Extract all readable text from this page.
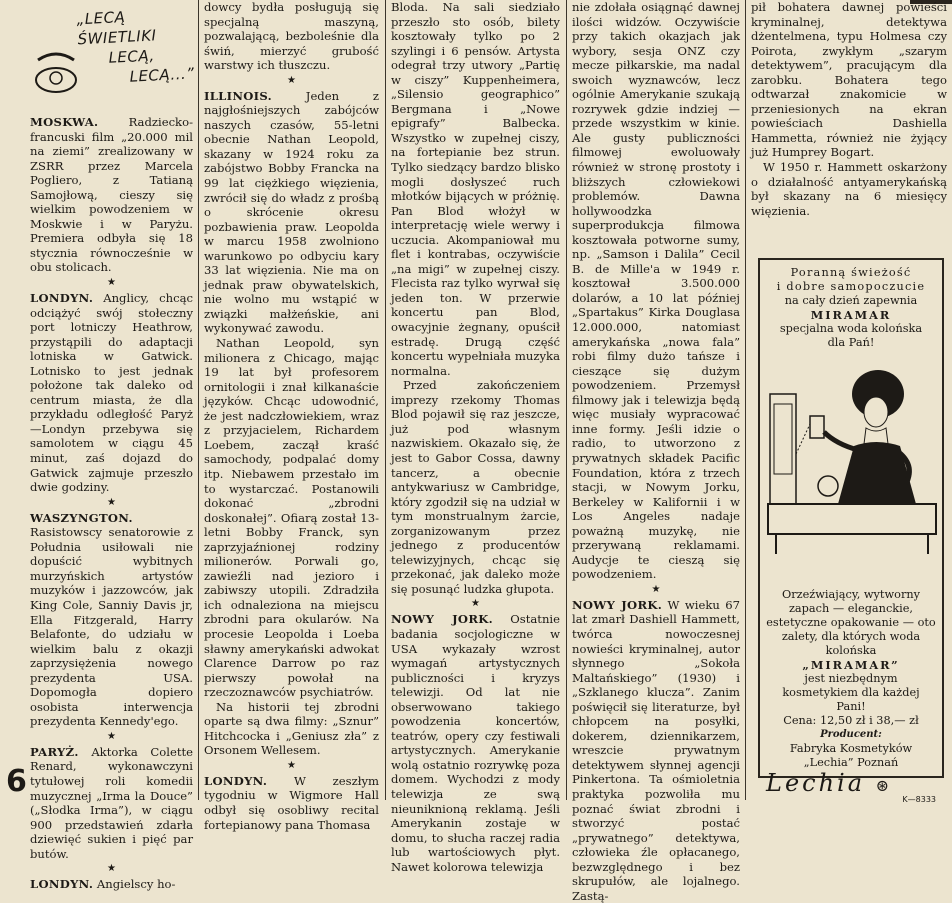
„LECĄ ŚWIETLIKI
LECĄ,
LECĄ...”

MOSKWA.	Radziecko-francuski film „20.000 mil na ziemi” zrealizowany w ZSRR przez Marcela Pogliero, z Tatianą Samojłową, cieszy się wielkim powodzeniem w Moskwie i w Paryżu. Premiera odbyła się 18 stycznia równocześnie w obu stolicach.

★

LONDYN. Anglicy, chcąc odciążyć swój stołeczny port lotniczy Heathrow, przystąpili do adaptacji lotniska w Gatwick. Lotnisko to jest jednak położone tak daleko od centrum miasta, że dla przykładu odległość Paryż—Londyn przebywa się samolotem w ciągu 45 minut, zaś dojazd do Gatwick zajmuje przeszło dwie godziny.

★

WASZYNGTON. Rasistowscy senatorowie z Południa usiłowali nie dopuścić wybitnych murzyńskich artystów muzyków i jazzowców, jak King Cole, Sanniy Davis jr, Ella Fitzgerald, Harry Belafonte, do udziału w wielkim balu z okazji zaprzysiężenia nowego prezydenta USA. Dopomogła dopiero osobista interwencja prezydenta Kennedy'ego.

★

PARYŻ. Aktorka Colette Renard, wykonawczyni tytułowej roli komedii muzycznej „Irma la Douce” („Słodka Irma”), w ciągu 900 przedstawień zdarła dziewięć sukien i pięć par butów.

★

LONDYN. Angielscy ho-

dowcy bydła posługują się specjalną maszyną, pozwalającą, bezboleśnie dla świń, mierzyć grubość warstwy ich tłuszczu.

★

ILLINOIS.	Jeden z najgłośniejszych zabójców naszych czasów, 55-letni obecnie Nathan Leopold, skazany w 1924 roku za zabójstwo Bobby Francka na 99 lat ciężkiego więzienia, zwrócił się do władz z prośbą o skrócenie okresu pozbawienia praw. Leopolda w marcu 1958 zwolniono warunkowo po odbyciu kary 33 lat więzienia. Nie ma on jednak praw obywatelskich, nie wolno mu wstąpić w związki małżeńskie, ani wykonywać zawodu.

Nathan Leopold, syn milionera z Chicago, mając 19 lat był profesorem ornitologii i znał kilkanaście języków. Chcąc udowodnić, że jest nadczłowiekiem, wraz z przyjacielem, Richardem Loebem, zaczął kraść samochody, podpalać domy itp. Niebawem przestało im to wystarczać. Postanowili dokonać „zbrodni doskonałej”. Ofiarą został 13-letni Bobby Franck, syn zaprzyjaźnionej rodziny milionerów. Porwali go, zawieźli nad jezioro i zabiwszy utopili. Zdradziła ich odnaleziona na miejscu zbrodni para okularów. Na procesie Leopolda i Loeba sławny amerykański adwokat Clarence Darrow po raz pierwszy powołał na rzeczoznawców psychiatrów.

Na historii tej zbrodni oparte są dwa filmy: „Sznur” Hitchcocka i „Geniusz zła” z Orsonem Wellesem.

★

LONDYN. W zeszłym tygodniu w Wigmore Hall odbył się osobliwy recital fortepianowy pana Thomasa

Bloda. Na sali siedziało przeszło sto osób, bilety kosztowały tylko po 2 szylingi i 6 pensów. Artysta odegrał trzy utwory „Partię w ciszy” Kuppenheimera, „Silensio geographico” Bergmana i „Nowe epigrafy” Balbecka. Wszystko w zupełnej ciszy, na fortepianie bez strun. Tylko siedzący bardzo blisko mogli dosłyszeć ruch młotków bijących w próżnię. Pan Blod włożył w interpretację wiele werwy i uczucia. Akompaniował mu flet i kontrabas, oczywiście „na migi” w zupełnej ciszy. Flecista raz tylko wyrwał się jeden ton. W przerwie koncertu pan Blod, owacyjnie żegnany, opuścił estradę. Drugą część koncertu wypełniała muzyka normalna.

Przed zakończeniem imprezy rzekomy Thomas Blod pojawił się raz jeszcze, już pod własnym nazwiskiem. Okazało się, że jest to Gabor Cossa, dawny tancerz, a obecnie antykwariusz w Cambridge, który zgodził się na udział w tym monstrualnym żarcie, zorganizowanym przez jednego z producentów telewizyjnych, chcąc się przekonać, jak daleko może się posunąć ludzka głupota.

★

NOWY JORK. Ostatnie badania socjologiczne w USA wykazały wzrost wymagań artystycznych publiczności i kryzys telewizji. Od lat nie obserwowano takiego powodzenia koncertów, teatrów, opery czy festiwali artystycznych. Amerykanie wolą ostatnio rozrywkę poza domem. Wychodzi z mody telewizja ze swą nieuniknioną reklamą. Jeśli Amerykanin zostaje w domu, to słucha raczej radia lub wartościowych płyt. Nawet kolorowa telewizja

nie zdołała osiągnąć dawnej ilości widzów. Oczywiście przy takich okazjach jak wybory, sesja ONZ czy mecze piłkarskie, ma nadal swoich wyznawców, lecz ogólnie Amerykanie szukają rozrywek gdzie indziej — przede wszystkim w kinie. Ale gusty publiczności filmowej ewoluowały również w stronę prostoty i bliższych człowiekowi problemów. Dawna hollywoodzka superprodukcja filmowa kosztowała potworne sumy, np. „Samson i Dalila” Cecil B. de Mille'a w 1949 r. kosztował 3.500.000 dolarów, a 10 lat później „Spartakus” Kirka Douglasa 12.000.000, natomiast amerykańska „nowa fala” robi filmy dużo tańsze i cieszące się dużym powodzeniem. Przemysł filmowy jak i telewizja będą więc musiały wypracować inne formy. Jeśli idzie o radio, to utworzono z prywatnych składek Pacific Foundation, która z trzech stacji, w Nowym Jorku, Berkeley w Kalifornii i w Los Angeles nadaje poważną muzykę, nie przerywaną reklamami. Audycje te cieszą się powodzeniem.

★

NOWY JORK. W wieku 67 lat zmarł Dashiell Hammett, twórca nowoczesnej nowieści kryminalnej, autor słynnego „Sokoła Maltańskiego” (1930) i „Szklanego klucza”. Zanim poświęcił się literaturze, był chłopcem na posyłki, dokerem, dziennikarzem, wreszcie prywatnym detektywem słynnej agencji Pinkertona. Ta ośmioletnia praktyka pozwoliła mu poznać świat zbrodni i stworzyć postać „prywatnego” detektywa, człowieka źle opłacanego, bezwzględnego i bez skrupułów, ale lojalnego. Zastą-

pił bohatera dawnej powieści kryminalnej, detektywa dżentelmena, typu Holmesa czy Poirota, zwykłym „szarym detektywem”, pracującym dla zarobku. Bohatera tego odtwarzał znakomicie w przeniesionych na ekran powieściach Dashiella Hammetta, również nie żyjący już Humprey Bogart.

W 1950 r. Hammett oskarżony o działalność antyamerykańską był skazany na 6 miesięcy więzienia.

Poranną świeżość
i dobre samopoczucie
na cały dzień zapewnia
MIRAMAR
specjalna woda kolońska
dla Pań!
Orzeźwiający, wytworny zapach — eleganckie, estetyczne opakowanie — oto zalety, dla których woda kolońska
„MIRAMAR”
jest niezbędnym kosmetykiem dla każdej Pani!
Cena: 12,50 zł i 38,— zł
Producent:
Fabryka Kosmetyków „Lechia” Poznań
Lechia ⊛
K—8333
6
